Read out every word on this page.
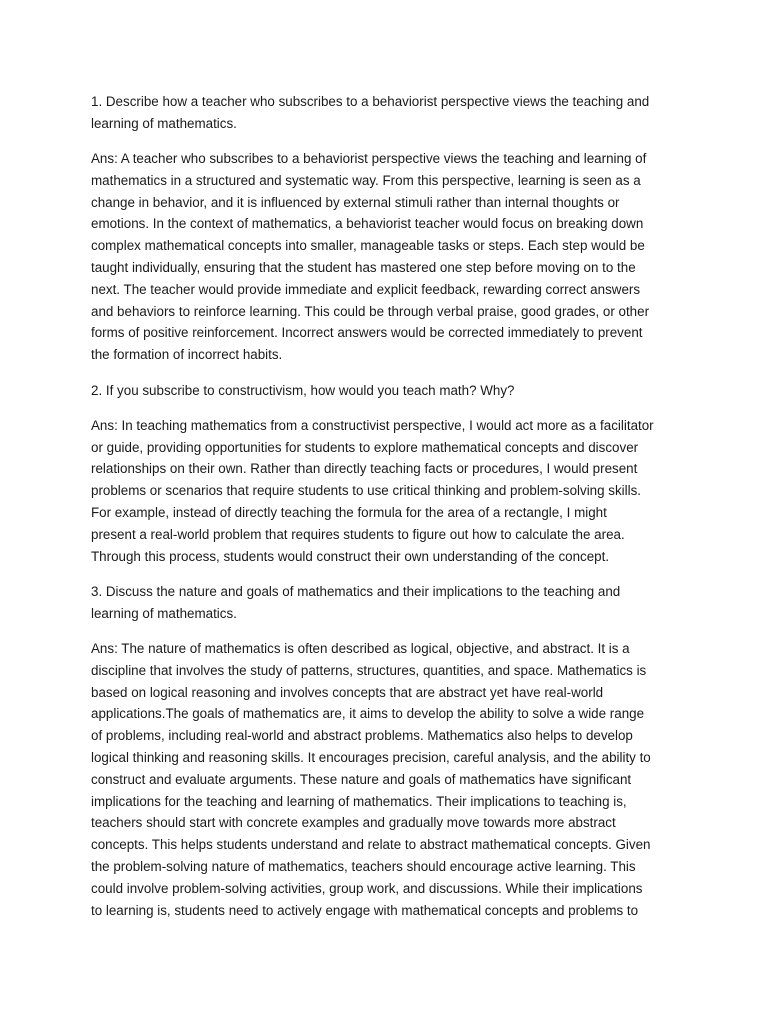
1. Describe how a teacher who subscribes to a behaviorist perspective views the teaching and
learning of mathematics.

Ans: A teacher who subscribes to a behaviorist perspective views the teaching and learning of
mathematics in a structured and systematic way. From this perspective, learning is seen as a
change in behavior, and it is influenced by external stimuli rather than internal thoughts or
emotions. In the context of mathematics, a behaviorist teacher would focus on breaking down
complex mathematical concepts into smaller, manageable tasks or steps. Each step would be
taught individually, ensuring that the student has mastered one step before moving on to the
next. The teacher would provide immediate and explicit feedback, rewarding correct answers
and behaviors to reinforce learning. This could be through verbal praise, good grades, or other
forms of positive reinforcement. Incorrect answers would be corrected immediately to prevent
the formation of incorrect habits.

2. If you subscribe to constructivism, how would you teach math? Why?

Ans: In teaching mathematics from a constructivist perspective, I would act more as a facilitator
or guide, providing opportunities for students to explore mathematical concepts and discover
relationships on their own. Rather than directly teaching facts or procedures, I would present
problems or scenarios that require students to use critical thinking and problem-solving skills.
For example, instead of directly teaching the formula for the area of a rectangle, I might
present a real-world problem that requires students to figure out how to calculate the area.
Through this process, students would construct their own understanding of the concept.

3. Discuss the nature and goals of mathematics and their implications to the teaching and
learning of mathematics.

Ans: The nature of mathematics is often described as logical, objective, and abstract. It is a
discipline that involves the study of patterns, structures, quantities, and space. Mathematics is
based on logical reasoning and involves concepts that are abstract yet have real-world
applications.The goals of mathematics are, it aims to develop the ability to solve a wide range
of problems, including real-world and abstract problems. Mathematics also helps to develop
logical thinking and reasoning skills. It encourages precision, careful analysis, and the ability to
construct and evaluate arguments. These nature and goals of mathematics have significant
implications for the teaching and learning of mathematics. Their implications to teaching is,
teachers should start with concrete examples and gradually move towards more abstract
concepts. This helps students understand and relate to abstract mathematical concepts. Given
the problem-solving nature of mathematics, teachers should encourage active learning. This
could involve problem-solving activities, group work, and discussions. While their implications
to learning is, students need to actively engage with mathematical concepts and problems to
